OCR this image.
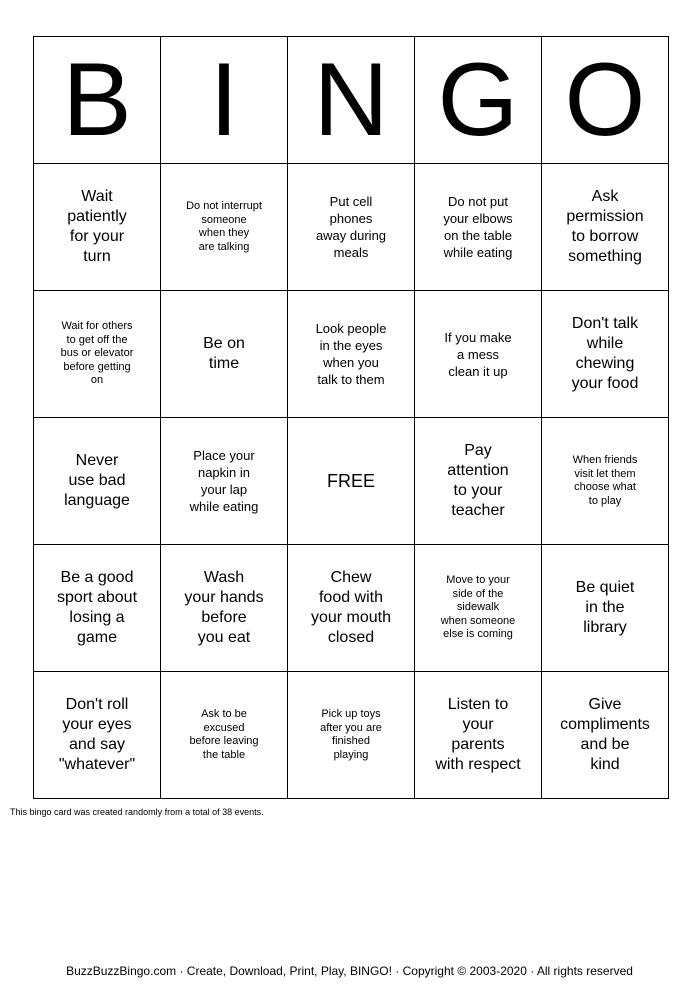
B	I	N	G	O

Wait
patiently
for your
turn	Do not interrupt
someone
when they
are talking	Put cell
phones
away during
meals	Do not put
your elbows
on the table
while eating	Ask
permission
to borrow
something

Wait for others
to get off the
bus or elevator
before getting
on	Be on
time	Look people
in the eyes
when you
talk to them	If you make
a mess
clean it up	Don't talk
while
chewing
your food

Never
use bad
language	Place your
napkin in
your lap
while eating	FREE	Pay
attention
to your
teacher	When friends
visit let them
choose what
to play

Be a good
sport about
losing a
game	Wash
your hands
before
you eat	Chew
food with
your mouth
closed	Move to your
side of the
sidewalk
when someone
else is coming	Be quiet
in the
library

Don't roll
your eyes
and say
"whatever"	Ask to be
excused
before leaving
the table	Pick up toys
after you are
finished
playing	Listen to
your
parents
with respect	Give
compliments
and be
kind

This bingo card was created randomly from a total of 38 events.

BuzzBuzzBingo.com · Create, Download, Print, Play, BINGO! · Copyright © 2003-2020 · All rights reserved
